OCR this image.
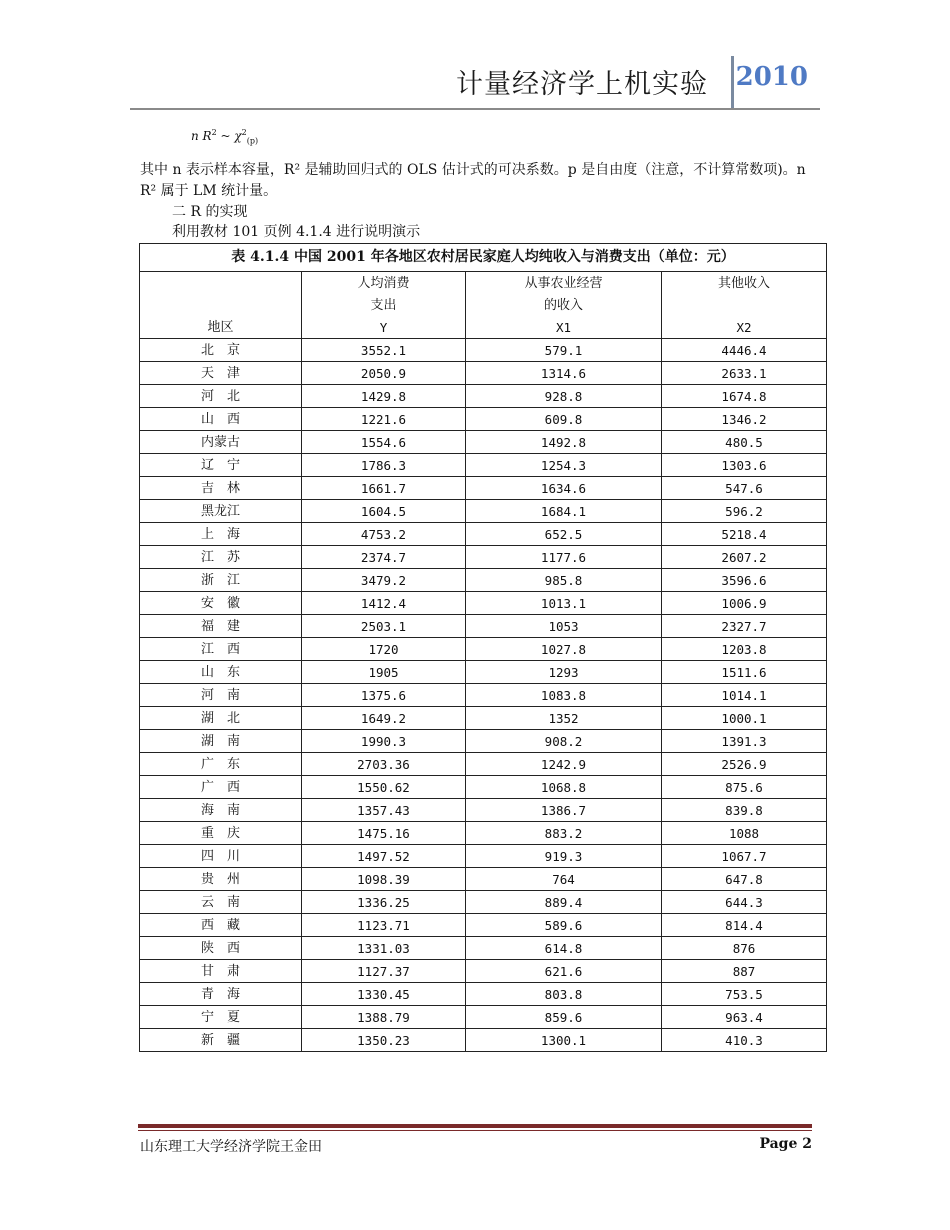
计量经济学上机实验 2010
n $R^2$ ~ $\chi^2_{(p)}$
其中 n 表示样本容量，R² 是辅助回归式的 OLS 估计式的可决系数。p 是自由度（注意，不计算常数项)。n R² 属于 LM 统计量。
二 R 的实现
利用教材 101 页例 4.1.4 进行说明演示
表 4.1.4 中国 2001 年各地区农村居民家庭人均纯收入与消费支出（单位：元）			
地区	人均消费	从事农业经营	其他收入
	支出	的收入	
	Y	X1	X2
北　京	3552.1	579.1	4446.4
天　津	2050.9	1314.6	2633.1
河　北	1429.8	928.8	1674.8
山　西	1221.6	609.8	1346.2
内蒙古	1554.6	1492.8	480.5
辽　宁	1786.3	1254.3	1303.6
吉　林	1661.7	1634.6	547.6
黑龙江	1604.5	1684.1	596.2
上　海	4753.2	652.5	5218.4
江　苏	2374.7	1177.6	2607.2
浙　江	3479.2	985.8	3596.6
安　徽	1412.4	1013.1	1006.9
福　建	2503.1	1053	2327.7
江　西	1720	1027.8	1203.8
山　东	1905	1293	1511.6
河　南	1375.6	1083.8	1014.1
湖　北	1649.2	1352	1000.1
湖　南	1990.3	908.2	1391.3
广　东	2703.36	1242.9	2526.9
广　西	1550.62	1068.8	875.6
海　南	1357.43	1386.7	839.8
重　庆	1475.16	883.2	1088
四　川	1497.52	919.3	1067.7
贵　州	1098.39	764	647.8
云　南	1336.25	889.4	644.3
西　藏	1123.71	589.6	814.4
陕　西	1331.03	614.8	876
甘　肃	1127.37	621.6	887
青　海	1330.45	803.8	753.5
宁　夏	1388.79	859.6	963.4
新　疆	1350.23	1300.1	410.3
山东理工大学经济学院王金田	Page 2
